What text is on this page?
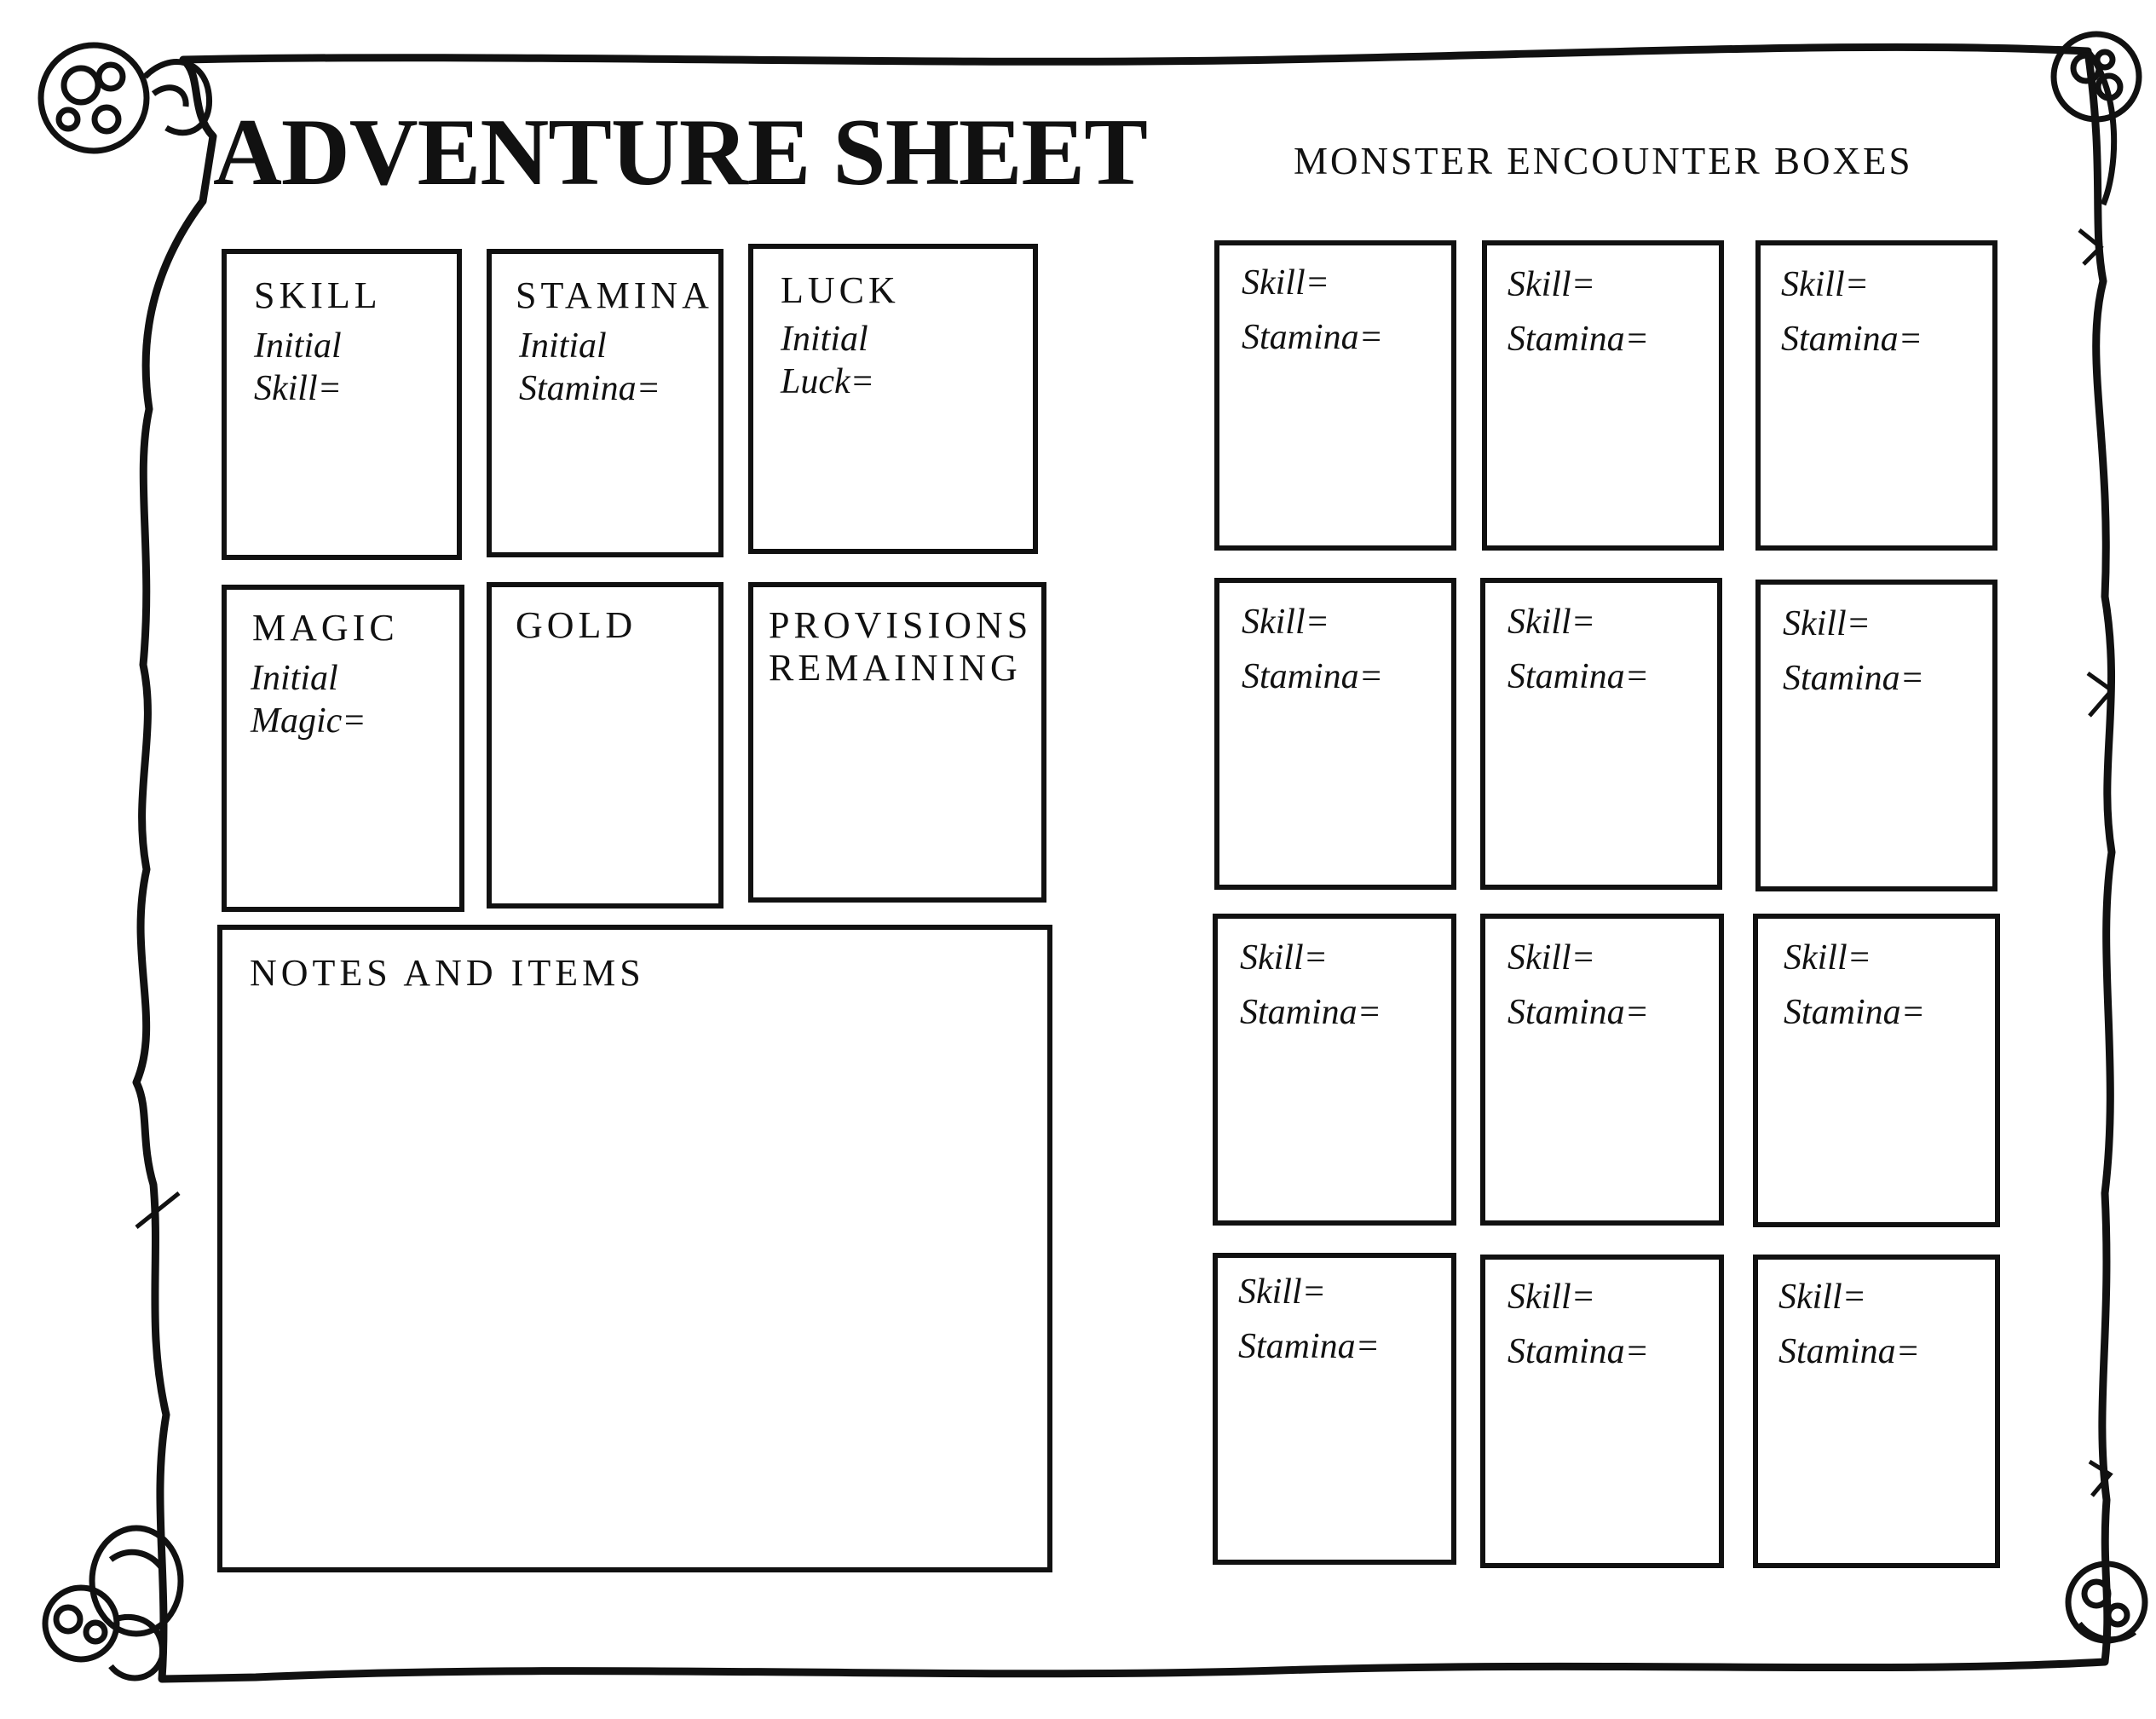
ADVENTURE SHEET	MONSTER ENCOUNTER BOXES
SKILL
Initial
Skill=
STAMINA
Initial
Stamina=
LUCK
Initial
Luck=
MAGIC
Initial
Magic=
GOLD	PROVISIONS
REMAINING
NOTES AND ITEMS
Skill=
Stamina=
Skill=
Stamina=
Skill=
Stamina=
Skill=
Stamina=
Skill=
Stamina=
Skill=
Stamina=
Skill=
Stamina=
Skill=
Stamina=
Skill=
Stamina=
Skill=
Stamina=
Skill=
Stamina=
Skill=
Stamina=
